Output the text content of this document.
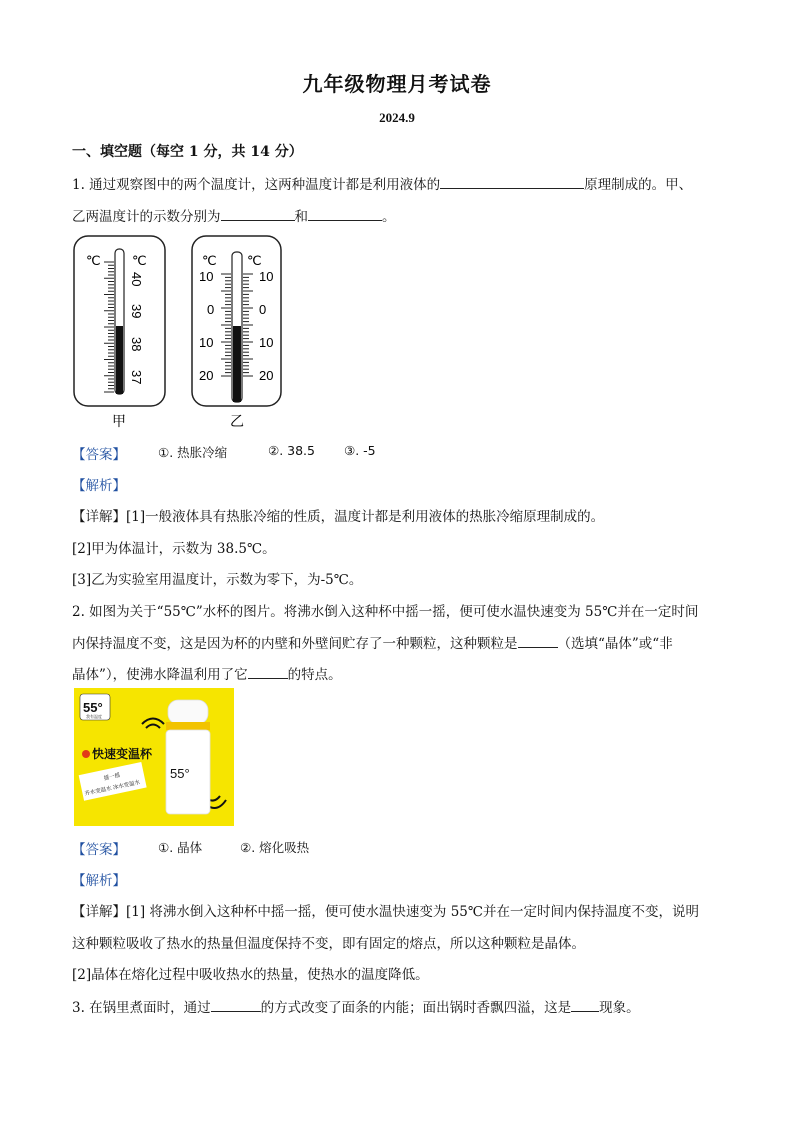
九年级物理月考试卷
2024.9
一、填空题（每空 1 分，共 14 分）
1. 通过观察图中的两个温度计，这两种温度计都是利用液体的	原理制成的。甲、
乙两温度计的示数分别为	和	。
℃ ℃
40
39
38
37
甲
℃ ℃
10
0
10
20
10
0
10
20
乙
【答案】	①. 热胀冷缩	②. 38.5 ③. -5
【解析】
【详解】[1]一般液体具有热胀冷缩的性质，温度计都是利用液体的热胀冷缩原理制成的。
[2]甲为体温计，示数为 38.5℃。
[3]乙为实验室用温度计，示数为零下，为-5℃。
2. 如图为关于“55℃”水杯的图片。将沸水倒入这种杯中摇一摇，便可使水温快速变为 55℃并在一定时间
内保持温度不变，这是因为杯的内壁和外壁间贮存了一种颗粒，这种颗粒是	（选填“晶体”或“非
晶体”），使沸水降温利用了它	的特点。
55°
我有温度
快速变温杯
摇一摇
开水变温水 冰水变温水
55°
【答案】	①. 晶体	②. 熔化吸热
【解析】
【详解】[1] 将沸水倒入这种杯中摇一摇，便可使水温快速变为 55℃并在一定时间内保持温度不变，说明
这种颗粒吸收了热水的热量但温度保持不变，即有固定的熔点，所以这种颗粒是晶体。
[2]晶体在熔化过程中吸收热水的热量，使热水的温度降低。
3. 在锅里煮面时，通过	的方式改变了面条的内能；面出锅时香飘四溢，这是 现象。
